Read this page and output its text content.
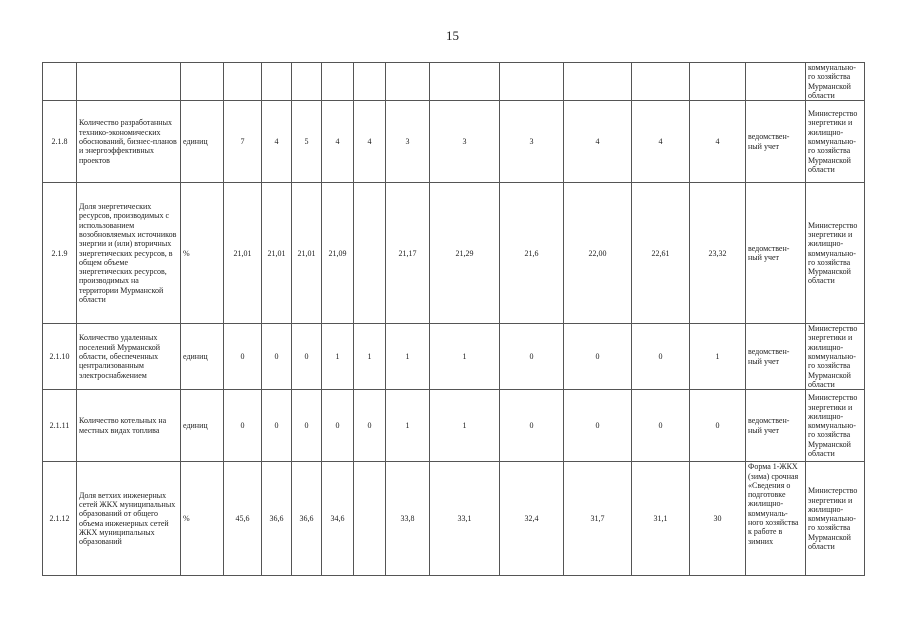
15
															коммунально-го хозяйства Мурманской области
2.1.8	Количество разработанных технико-экономических обоснований, бизнес-планов и энергоэффективных проектов	единиц	7	4	5	4	4	3	3	3	4	4	4	ведомствен-ный учет	Министерство энергетики и жилищно-коммунально-го хозяйства Мурманской области
2.1.9	Доля энергетических ресурсов, производимых с использованием возобновляемых источников энергии и (или) вторичных энергетических ресурсов, в общем объеме энергетических ресурсов, производимых на территории Мурманской области	%	21,01	21,01	21,01	21,09		21,17	21,29	21,6	22,00	22,61	23,32	ведомствен-ный учет	Министерство энергетики и жилищно-коммунально-го хозяйства Мурманской области
2.1.10	Количество удаленных поселений Мурманской области, обеспеченных централизованным электроснабжением	единиц	0	0	0	1	1	1	1	0	0	0	1	ведомствен-ный учет	Министерство энергетики и жилищно-коммунально-го хозяйства Мурманской области
2.1.11	Количество котельных на местных видах топлива	единиц	0	0	0	0	0	1	1	0	0	0	0	ведомствен-ный учет	Министерство энергетики и жилищно-коммунально-го хозяйства Мурманской области
2.1.12	Доля ветхих инженерных сетей ЖКХ муниципальных образований от общего объема инженерных сетей ЖКХ муниципальных образований	%	45,6	36,6	36,6	34,6		33,8	33,1	32,4	31,7	31,1	30	Форма 1-ЖКХ (зима) срочная «Сведения о подготовке жилищно-коммуналь-ного хозяйства к работе в зимних	Министерство энергетики и жилищно-коммунально-го хозяйства Мурманской области
